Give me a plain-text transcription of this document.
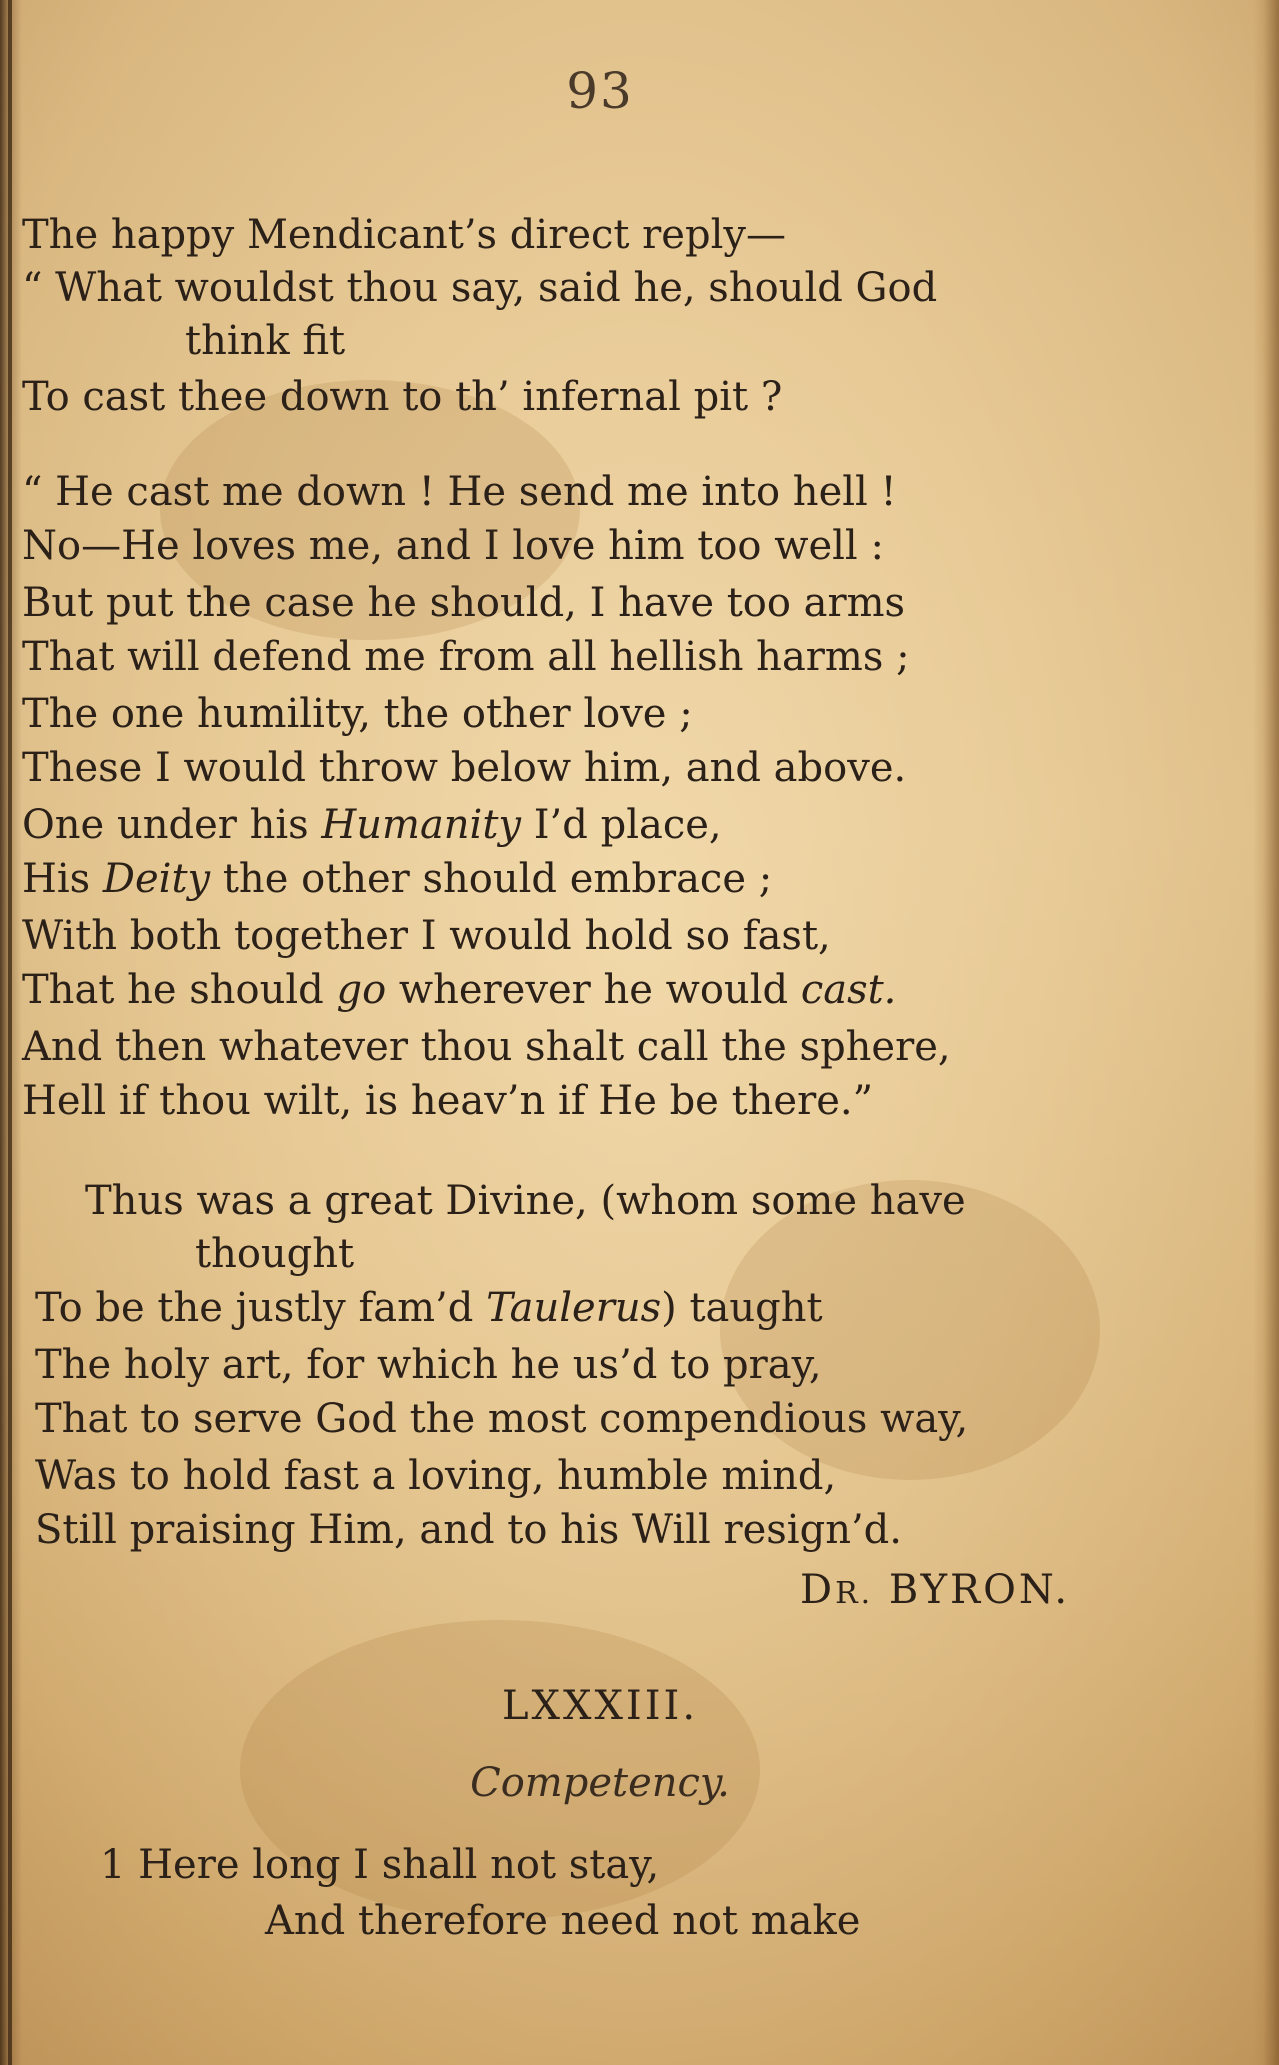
93
The happy Mendicant’s direct reply—
“ What wouldst thou say, said he, should God
think fit
To cast thee down to th’ infernal pit ?
“ He cast me down ! He send me into hell !
No—He loves me, and I love him too well :
But put the case he should, I have too arms
That will defend me from all hellish harms ;
The one humility, the other love ;
These I would throw below him, and above.
One under his Humanity I’d place,
His Deity the other should embrace ;
With both together I would hold so fast,
That he should go wherever he would cast.
And then whatever thou shalt call the sphere,
Hell if thou wilt, is heav’n if He be there.”
Thus was a great Divine, (whom some have
thought
To be the justly fam’d Taulerus) taught
The holy art, for which he us’d to pray,
That to serve God the most compendious way,
Was to hold fast a loving, humble mind,
Still praising Him, and to his Will resign’d.
DR. BYRON.
LXXXIII.
Competency.
1 Here long I shall not stay,
And therefore need not make
